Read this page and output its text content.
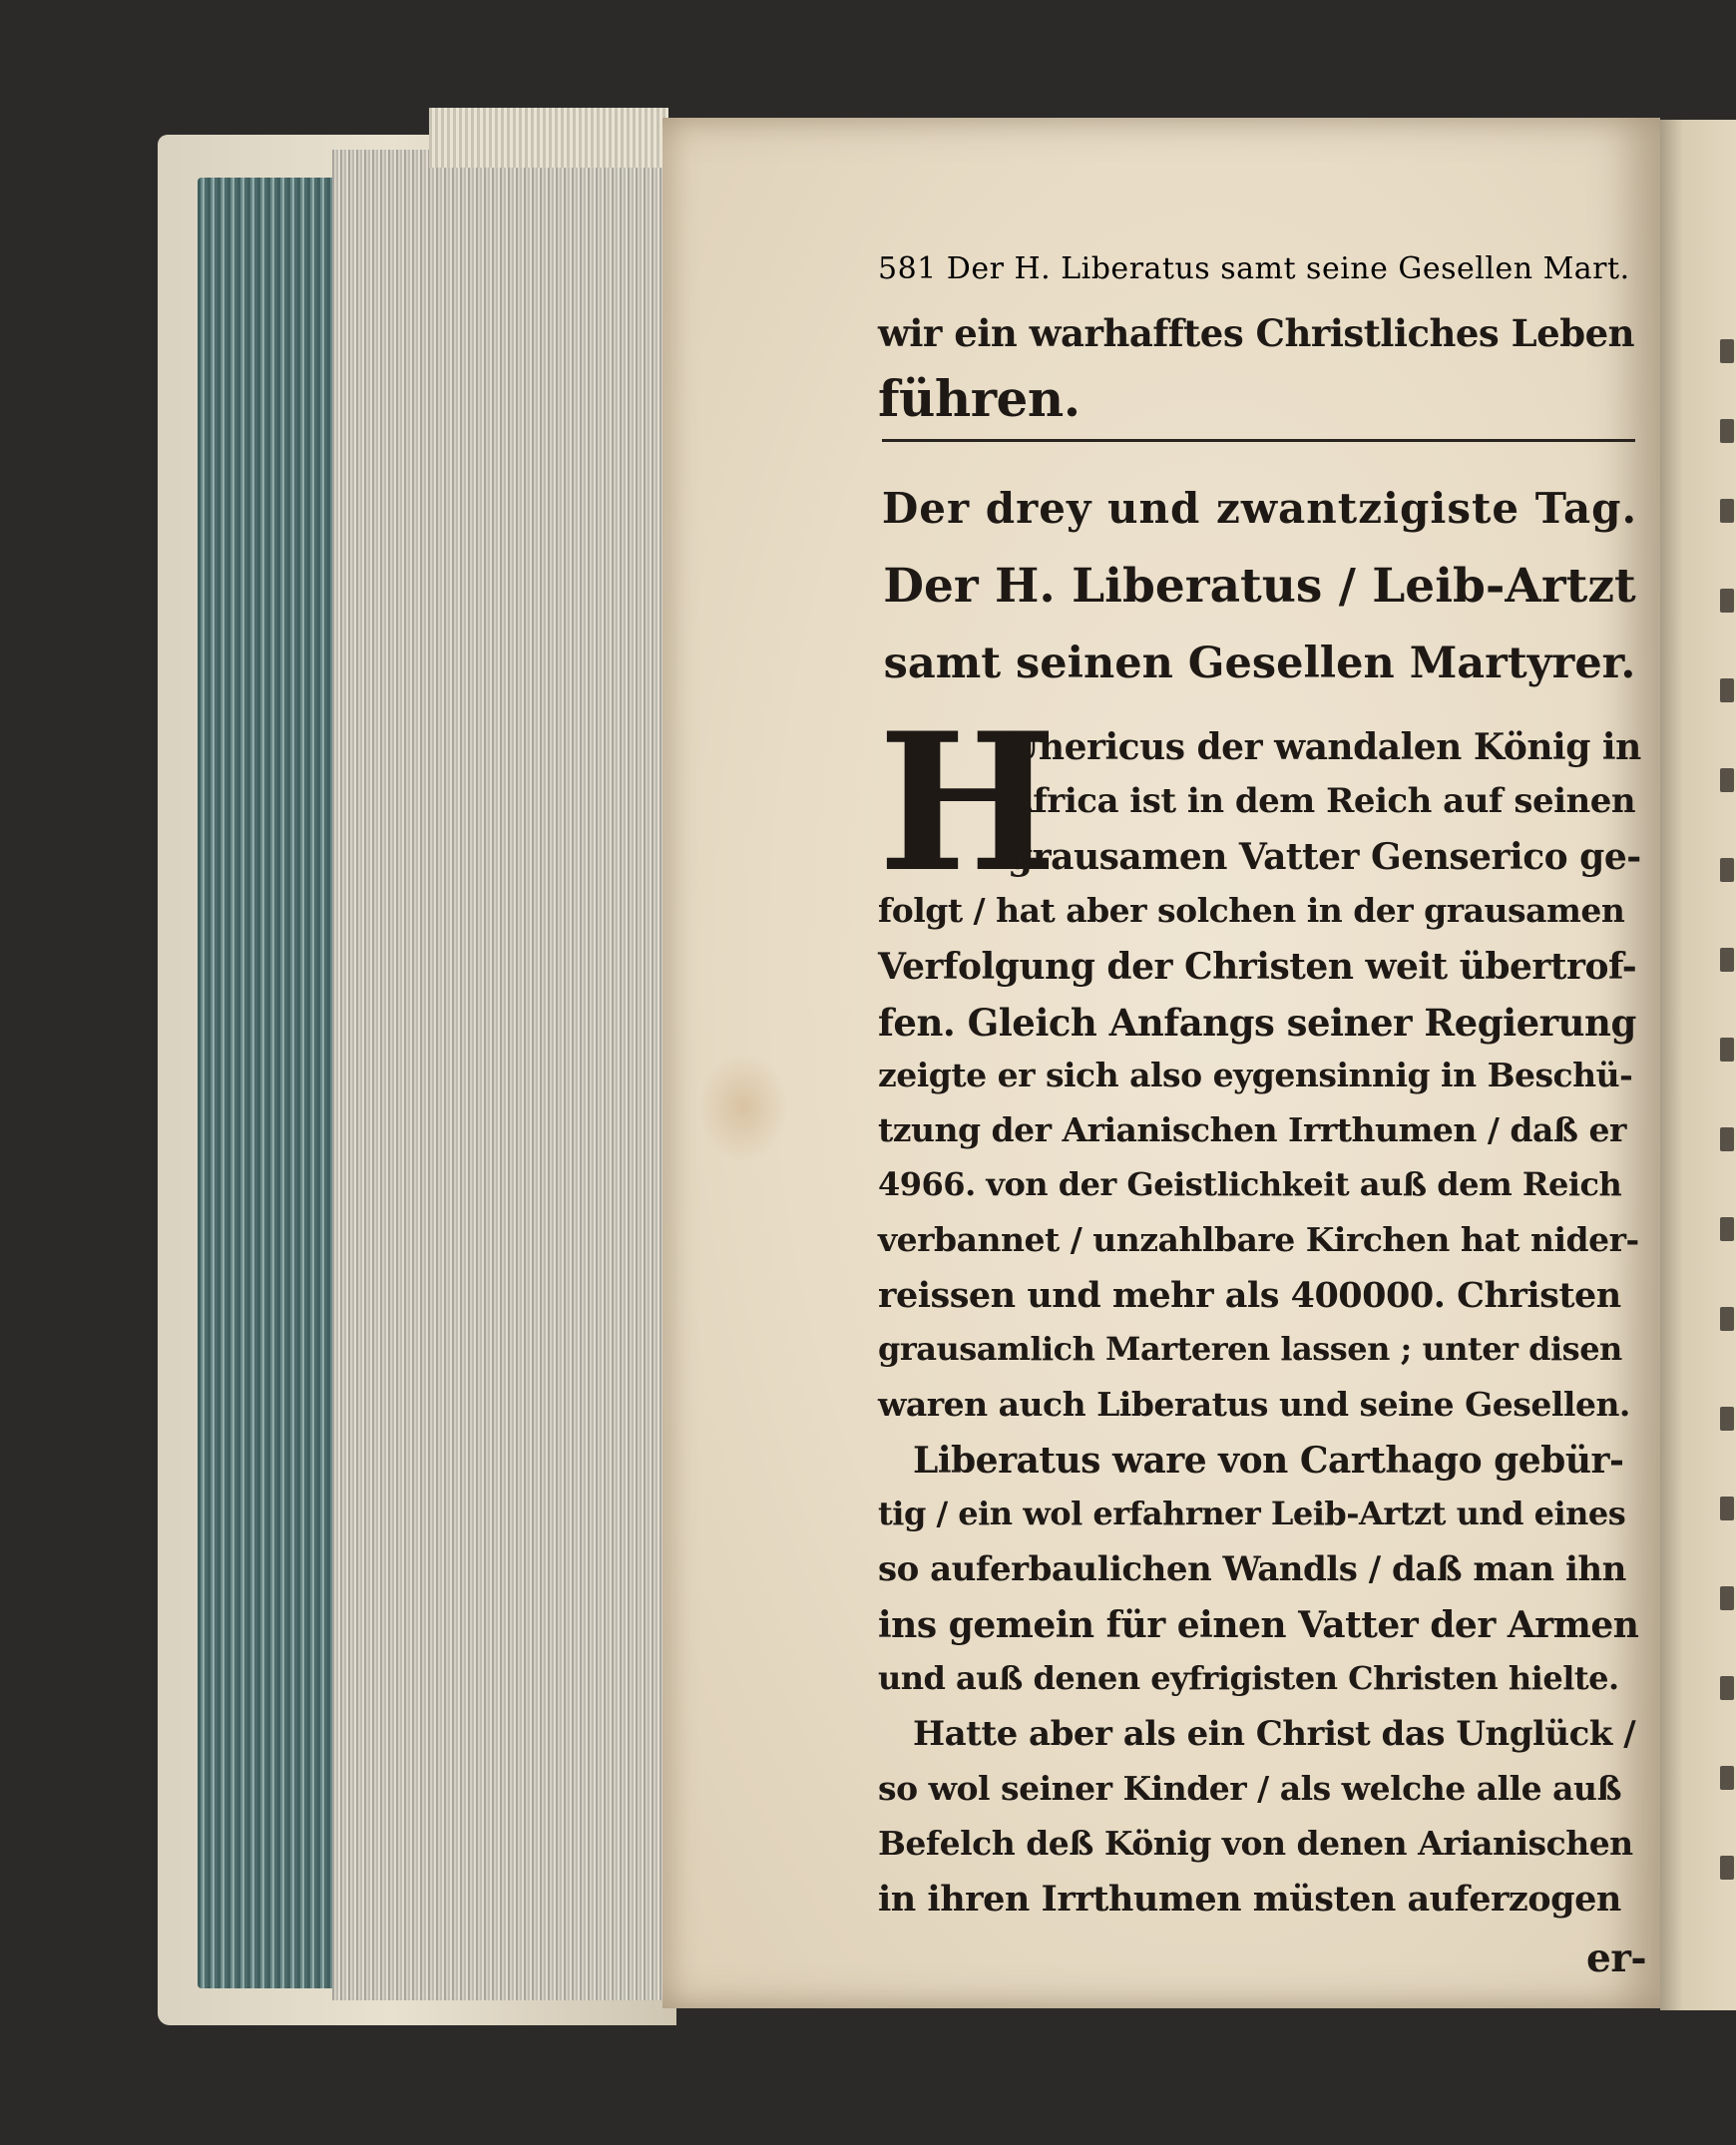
581 Der H. Liberatus samt seine Gesellen Mart.
wir ein warhafftes Christliches Leben
führen.
Der drey und zwantzigiste Tag.
Der H. Liberatus / Leib-Artzt
samt seinen Gesellen Martyrer.
H
Unericus der wandalen König in
Africa ist in dem Reich auf seinen
grausamen Vatter Genserico ge-
folgt / hat aber solchen in der grausamen
Verfolgung der Christen weit übertrof-
fen. Gleich Anfangs seiner Regierung
zeigte er sich also eygensinnig in Beschü-
tzung der Arianischen Irrthumen / daß er
4966. von der Geistlichkeit auß dem Reich
verbannet / unzahlbare Kirchen hat nider-
reissen und mehr als 400000. Christen
grausamlich Marteren lassen ; unter disen
waren auch Liberatus und seine Gesellen.
Liberatus ware von Carthago gebür-
tig / ein wol erfahrner Leib-Artzt und eines
so auferbaulichen Wandls / daß man ihn
ins gemein für einen Vatter der Armen
und auß denen eyfrigisten Christen hielte.
Hatte aber als ein Christ das Unglück /
so wol seiner Kinder / als welche alle auß
Befelch deß König von denen Arianischen
in ihren Irrthumen müsten auferzogen
er-
